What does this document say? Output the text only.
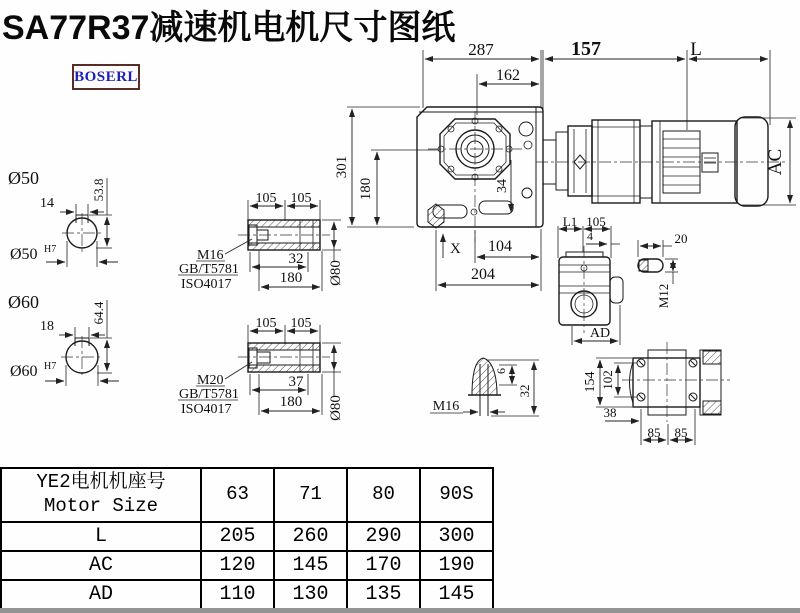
SA77R37减速机电机尺寸图纸
BOSERL
287
162
157	L
301
180	34
X 104
204
AC
Ø50
14
53.8
Ø50 H7
Ø60
18
64.4
Ø60 H7
105 105
M16
GB/T5781
ISO4017
32
180 Ø80
105 105
M20
GB/T5781
ISO4017
37
180 Ø80
L1 105
4
AD
20
M12
M16
6
32	154 102
38
85 85
YE2电机机座号
Motor Size	63	71	80	90S
L	205	260	290	300
AC	120	145	170	190
AD	110	130	135	145
